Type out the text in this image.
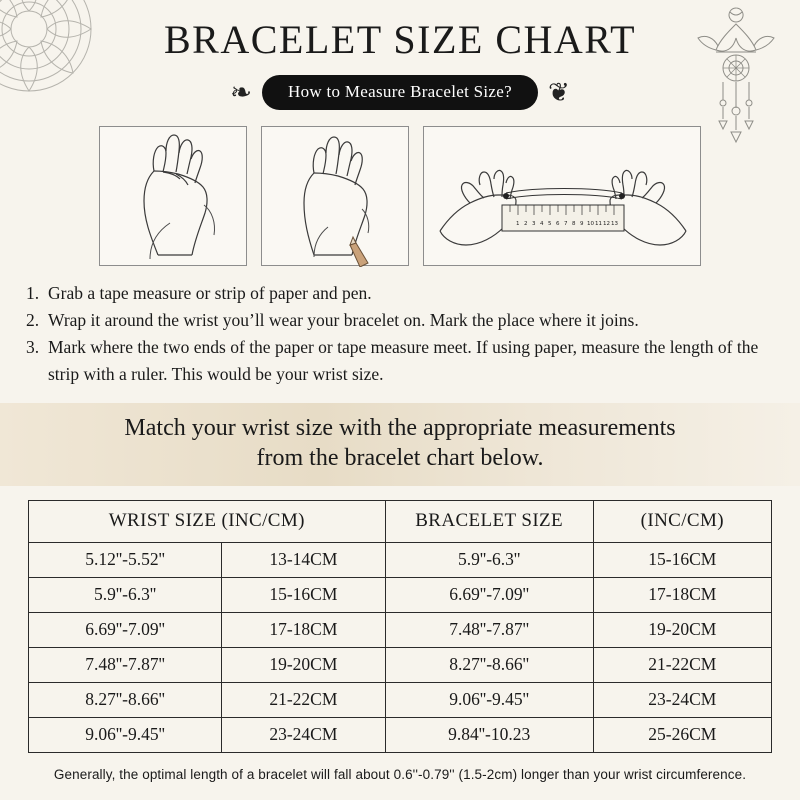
BRACELET SIZE CHART
❧	How to Measure Bracelet Size?	❦
1 2 3 4 5 6 7 8 9 10 11 12 13
1. Grab a tape measure or strip of paper and pen.
2. Wrap it around the wrist you’ll wear your bracelet on. Mark the place where it joins.
3. Mark where the two ends of the paper or tape measure meet. If using paper, measure the length of the strip with a ruler. This would be your wrist size.
Match your wrist size with the appropriate measurements
from the bracelet chart below.
WRIST SIZE (INC/CM)		BRACELET SIZE	(INC/CM)
5.12''-5.52''	13-14CM	5.9''-6.3''	15-16CM
5.9''-6.3''	15-16CM	6.69''-7.09''	17-18CM
6.69''-7.09''	17-18CM	7.48''-7.87''	19-20CM
7.48''-7.87''	19-20CM	8.27''-8.66''	21-22CM
8.27''-8.66''	21-22CM	9.06''-9.45''	23-24CM
9.06''-9.45''	23-24CM	9.84''-10.23	25-26CM
Generally, the optimal length of a bracelet will fall about 0.6''-0.79'' (1.5-2cm) longer than your wrist circumference.
